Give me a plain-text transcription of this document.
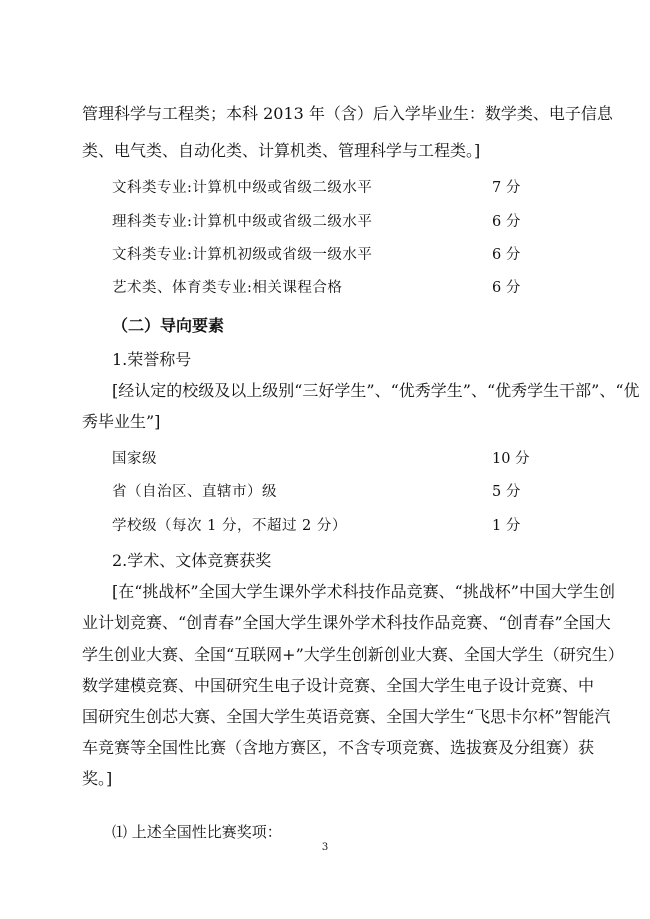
管理科学与工程类；本科 2013 年（含）后入学毕业生：数学类、电子信息
类、电气类、自动化类、计算机类、管理科学与工程类。]
文科类专业:计算机中级或省级二级水平	7 分
理科类专业:计算机中级或省级二级水平	6 分
文科类专业:计算机初级或省级一级水平	6 分
艺术类、体育类专业:相关课程合格	6 分
（二）导向要素
1.荣誉称号
[经认定的校级及以上级别“三好学生”、“优秀学生”、“优秀学生干部”、“优
秀毕业生”]
国家级	10 分
省（自治区、直辖市）级	5 分
学校级（每次 1 分，不超过 2 分）	1 分
2.学术、文体竞赛获奖
[在“挑战杯”全国大学生课外学术科技作品竞赛、“挑战杯”中国大学生创
业计划竞赛、“创青春”全国大学生课外学术科技作品竞赛、“创青春”全国大
学生创业大赛、全国“互联网+”大学生创新创业大赛、全国大学生（研究生）
数学建模竞赛、中国研究生电子设计竞赛、全国大学生电子设计竞赛、中
国研究生创芯大赛、全国大学生英语竞赛、全国大学生“飞思卡尔杯”智能汽
车竞赛等全国性比赛（含地方赛区，不含专项竞赛、选拔赛及分组赛）获
奖。]
⑴ 上述全国性比赛奖项：
3
